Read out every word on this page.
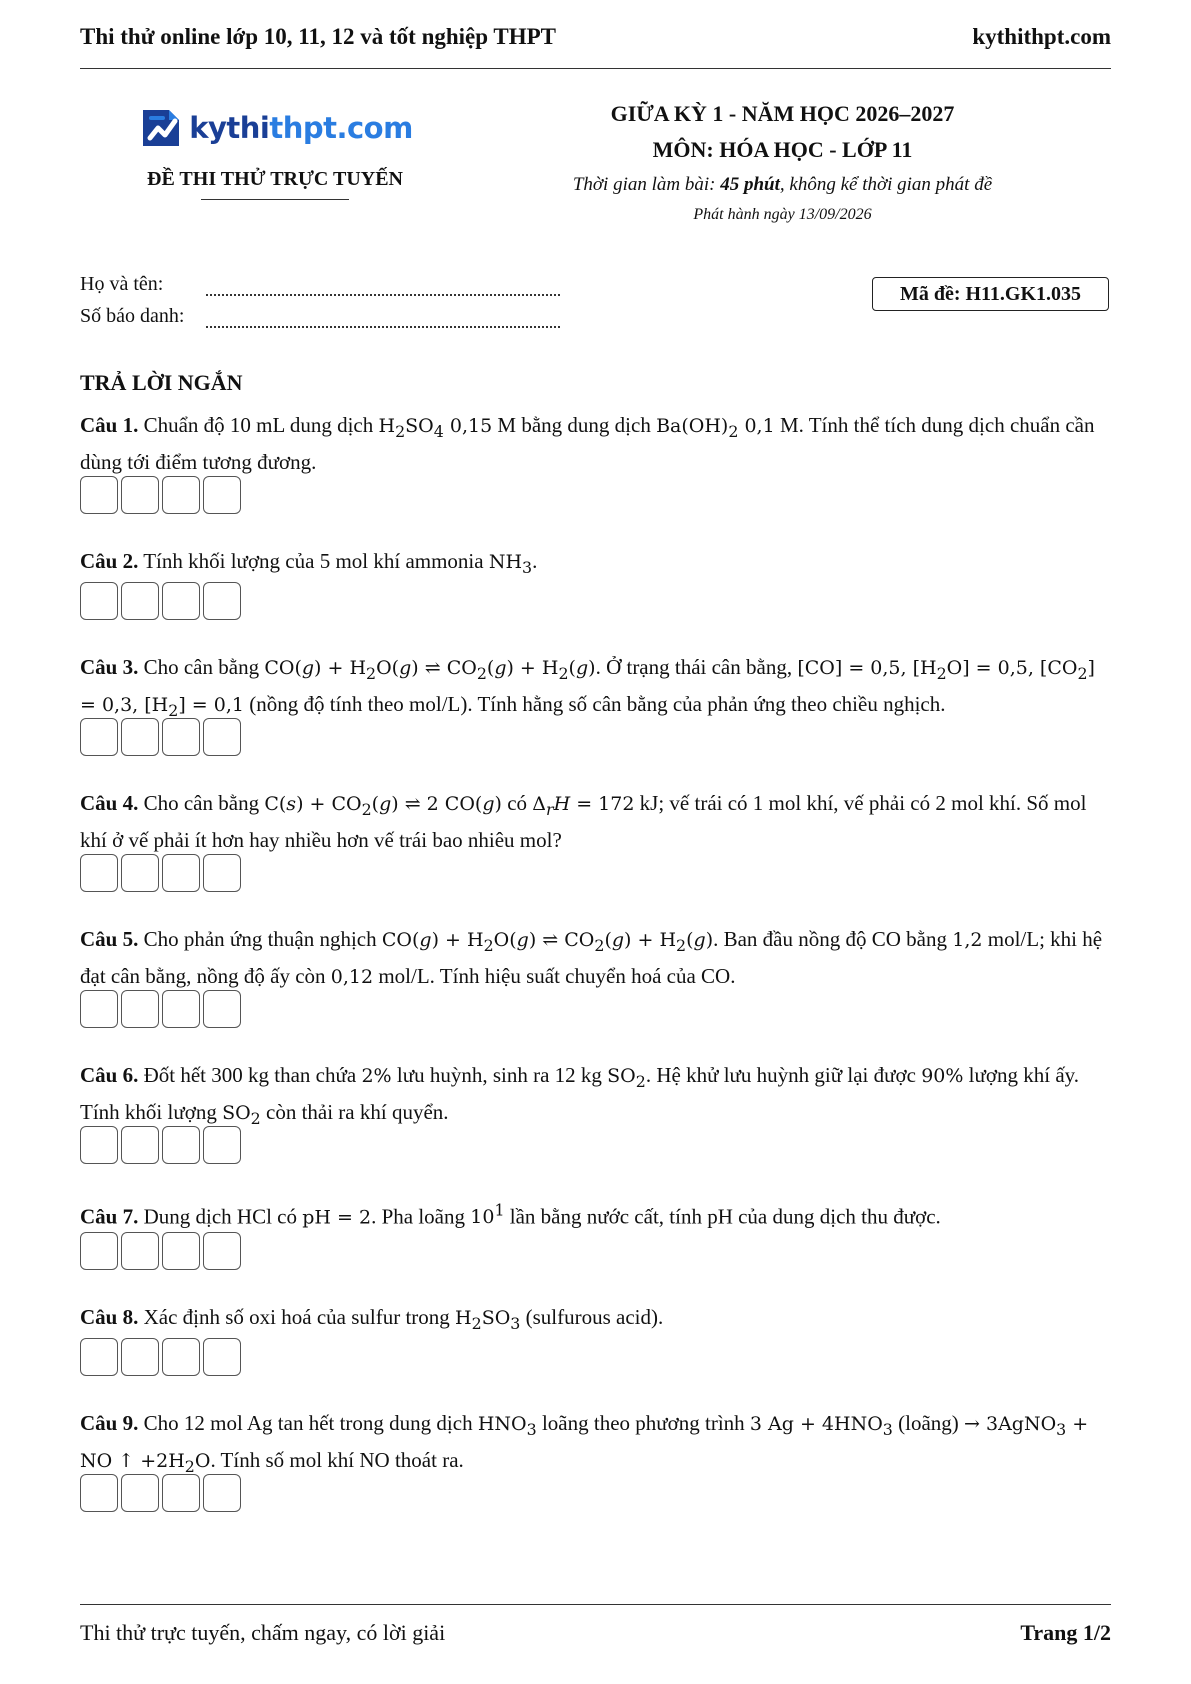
Thi thử online lớp 10, 11, 12 và tốt nghiệp THPT	kythithpt.com
kythithpt.com
ĐỀ THI THỬ TRỰC TUYẾN
GIỮA KỲ 1 - NĂM HỌC 2026–2027
MÔN: HÓA HỌC - LỚP 11
Thời gian làm bài: 45 phút, không kể thời gian phát đề
Phát hành ngày 13/09/2026
Họ và tên:
Số báo danh:
Mã đề: H11.GK1.035
TRẢ LỜI NGẮN
Câu 1. Chuẩn độ 10 mL dung dịch $H_2SO_4$ 0,15 M bằng dung dịch $Ba(OH)_2$ 0,1 M. Tính thể tích dung dịch chuẩn cần dùng tới điểm tương đương.
Câu 2. Tính khối lượng của 5 mol khí ammonia $NH_3$.
Câu 3. Cho cân bằng $CO(g) + H_2O(g)$ ⇌ $CO_2(g) + H_2(g)$. Ở trạng thái cân bằng, [CO] = 0,5, $[H_2O] = 0,5$, $[CO_2] = 0,3$, $[H_2] = 0,1$ (nồng độ tính theo mol/L). Tính hằng số cân bằng của phản ứng theo chiều nghịch.
Câu 4. Cho cân bằng $C(s) + CO_2(g)$ ⇌ 2 CO(g) có $\Delta_rH = 172$ kJ; vế trái có 1 mol khí, vế phải có 2 mol khí. Số mol khí ở vế phải ít hơn hay nhiều hơn vế trái bao nhiêu mol?
Câu 5. Cho phản ứng thuận nghịch $CO(g) + H_2O(g)$ ⇌ $CO_2(g) + H_2(g)$. Ban đầu nồng độ CO bằng 1,2 mol/L; khi hệ đạt cân bằng, nồng độ ấy còn 0,12 mol/L. Tính hiệu suất chuyển hoá của CO.
Câu 6. Đốt hết 300 kg than chứa 2% lưu huỳnh, sinh ra 12 kg $SO_2$. Hệ khử lưu huỳnh giữ lại được 90% lượng khí ấy. Tính khối lượng $SO_2$ còn thải ra khí quyển.
Câu 7. Dung dịch HCl có pH = 2. Pha loãng $10^1$ lần bằng nước cất, tính pH của dung dịch thu được.
Câu 8. Xác định số oxi hoá của sulfur trong $H_2SO_3$ (sulfurous acid).
Câu 9. Cho 12 mol Ag tan hết trong dung dịch $HNO_3$ loãng theo phương trình 3 $Ag + 4HNO_3$ (loãng) → 3AgNO$_3$ + NO ↑ $+2H_2O$. Tính số mol khí NO thoát ra.
Thi thử trực tuyến, chấm ngay, có lời giải	Trang 1/2
